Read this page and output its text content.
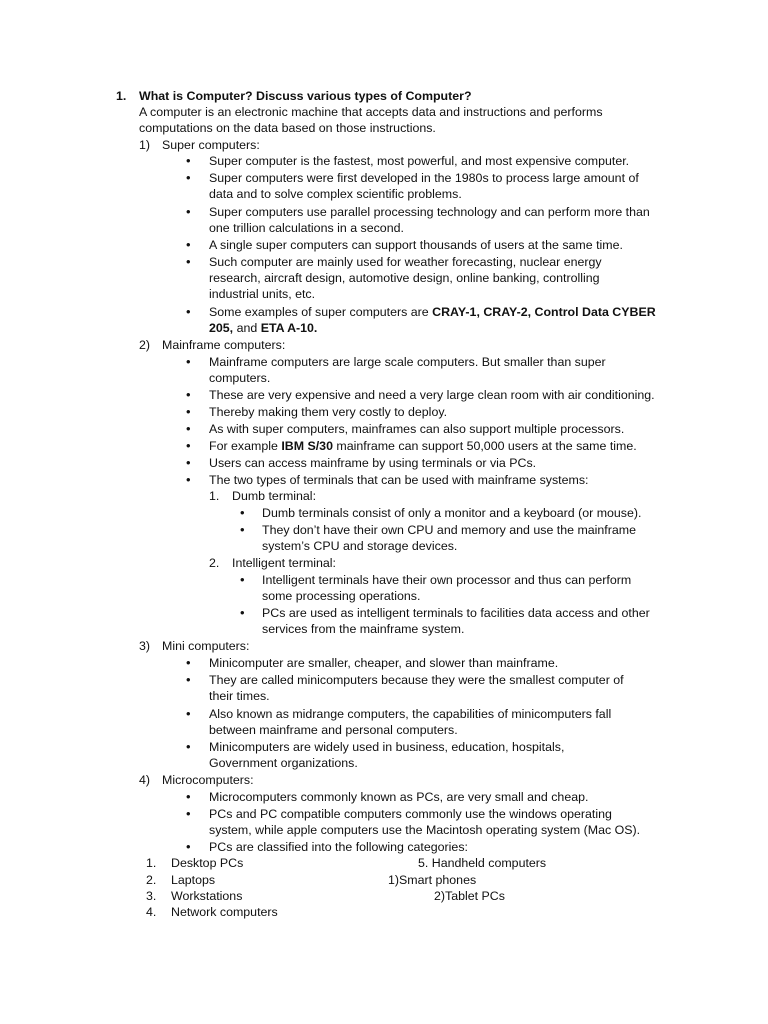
1. What is Computer? Discuss various types of Computer?
A computer is an electronic machine that accepts data and instructions and performs
computations on the data based on those instructions.
1) Super computers:
• Super computer is the fastest, most powerful, and most expensive computer.
• Super computers were first developed in the 1980s to process large amount of
data and to solve complex scientific problems.
• Super computers use parallel processing technology and can perform more than
one trillion calculations in a second.
• A single super computers can support thousands of users at the same time.
• Such computer are mainly used for weather forecasting, nuclear energy
research, aircraft design, automotive design, online banking, controlling
industrial units, etc.
• Some examples of super computers are CRAY-1, CRAY-2, Control Data CYBER
205, and ETA A-10.
2) Mainframe computers:
• Mainframe computers are large scale computers. But smaller than super
computers.
• These are very expensive and need a very large clean room with air conditioning.
• Thereby making them very costly to deploy.
• As with super computers, mainframes can also support multiple processors.
• For example IBM S/30 mainframe can support 50,000 users at the same time.
• Users can access mainframe by using terminals or via PCs.
• The two types of terminals that can be used with mainframe systems:
1. Dumb terminal:
• Dumb terminals consist of only a monitor and a keyboard (or mouse).
• They don’t have their own CPU and memory and use the mainframe
system’s CPU and storage devices.
2. Intelligent terminal:
• Intelligent terminals have their own processor and thus can perform
some processing operations.
• PCs are used as intelligent terminals to facilities data access and other
services from the mainframe system.
3) Mini computers:
• Minicomputer are smaller, cheaper, and slower than mainframe.
• They are called minicomputers because they were the smallest computer of
their times.
• Also known as midrange computers, the capabilities of minicomputers fall
between mainframe and personal computers.
• Minicomputers are widely used in business, education, hospitals,
Government organizations.
4) Microcomputers:
• Microcomputers commonly known as PCs, are very small and cheap.
• PCs and PC compatible computers commonly use the windows operating
system, while apple computers use the Macintosh operating system (Mac OS).
• PCs are classified into the following categories:
1. Desktop PCs	5. Handheld computers
2. Laptops	1)Smart phones
3. Workstations	2)Tablet PCs
4. Network computers
